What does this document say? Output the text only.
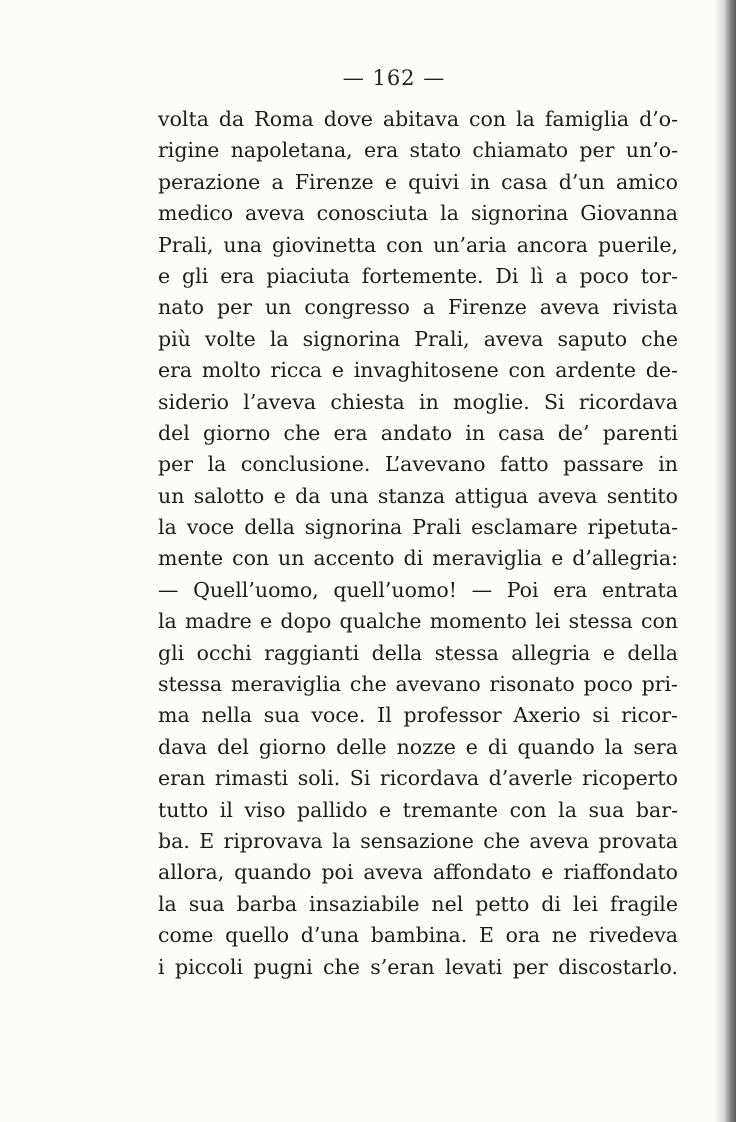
— 162 —
volta da Roma dove abitava con la famiglia d’o-
rigine napoletana, era stato chiamato per un’o-
perazione a Firenze e quivi in casa d’un amico
medico aveva conosciuta la signorina Giovanna
Prali, una giovinetta con un’aria ancora puerile,
e gli era piaciuta fortemente. Di lì a poco tor-
nato per un congresso a Firenze aveva rivista
più volte la signorina Prali, aveva saputo che
era molto ricca e invaghitosene con ardente de-
siderio l’aveva chiesta in moglie. Si ricordava
del giorno che era andato in casa de’ parenti
per la conclusione. L’avevano fatto passare in
un salotto e da una stanza attigua aveva sentito
la voce della signorina Prali esclamare ripetuta-
mente con un accento di meraviglia e d’allegria:
— Quell’uomo, quell’uomo! — Poi era entrata
la madre e dopo qualche momento lei stessa con
gli occhi raggianti della stessa allegria e della
stessa meraviglia che avevano risonato poco pri-
ma nella sua voce. Il professor Axerio si ricor-
dava del giorno delle nozze e di quando la sera
eran rimasti soli. Si ricordava d’averle ricoperto
tutto il viso pallido e tremante con la sua bar-
ba. E riprovava la sensazione che aveva provata
allora, quando poi aveva affondato e riaffondato
la sua barba insaziabile nel petto di lei fragile
come quello d’una bambina. E ora ne rivedeva
i piccoli pugni che s’eran levati per discostarlo.
